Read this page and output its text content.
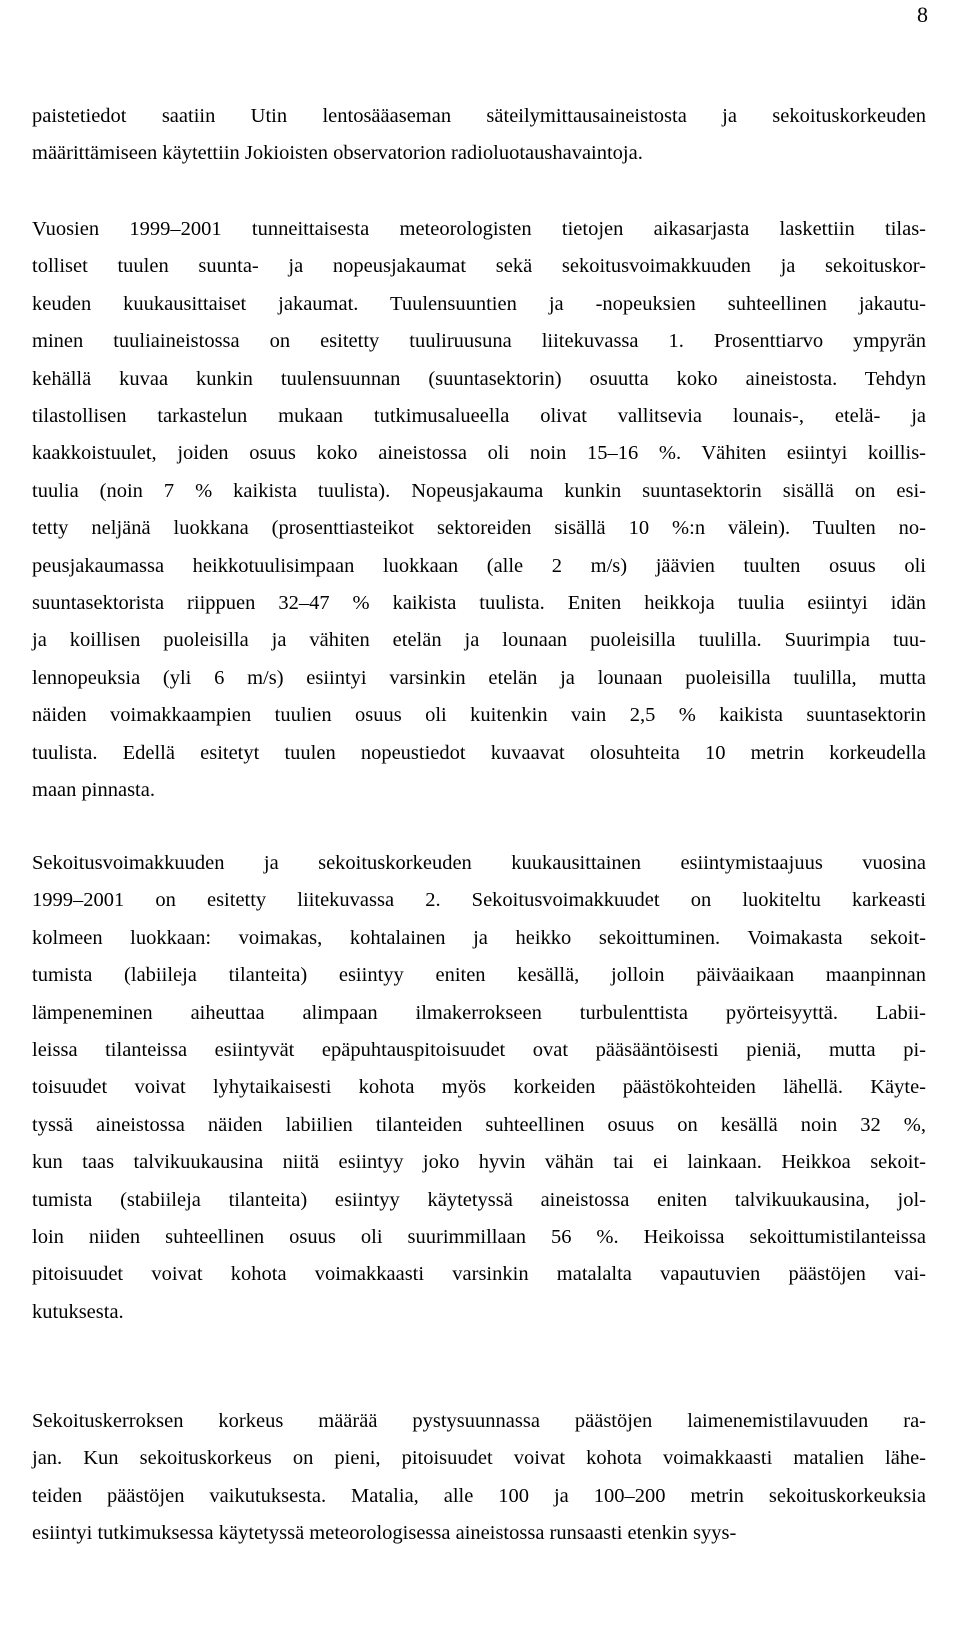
8
paistetiedot saatiin Utin lentosääaseman säteilymittausaineistosta ja sekoituskorkeuden
määrittämiseen käytettiin Jokioisten observatorion radioluotaushavaintoja.
Vuosien 1999–2001 tunneittaisesta meteorologisten tietojen aikasarjasta laskettiin tilas-
tolliset tuulen suunta- ja nopeusjakaumat sekä sekoitusvoimakkuuden ja sekoituskor-
keuden kuukausittaiset jakaumat. Tuulensuuntien ja -nopeuksien suhteellinen jakautu-
minen tuuliaineistossa on esitetty tuuliruusuna liitekuvassa 1. Prosenttiarvo ympyrän
kehällä kuvaa kunkin tuulensuunnan (suuntasektorin) osuutta koko aineistosta. Tehdyn
tilastollisen tarkastelun mukaan tutkimusalueella olivat vallitsevia lounais-, etelä- ja
kaakkoistuulet, joiden osuus koko aineistossa oli noin 15–16 %. Vähiten esiintyi koillis-
tuulia (noin 7 % kaikista tuulista). Nopeusjakauma kunkin suuntasektorin sisällä on esi-
tetty neljänä luokkana (prosenttiasteikot sektoreiden sisällä 10 %:n välein). Tuulten no-
peusjakaumassa heikkotuulisimpaan luokkaan (alle 2 m/s) jäävien tuulten osuus oli
suuntasektorista riippuen 32–47 % kaikista tuulista. Eniten heikkoja tuulia esiintyi idän
ja koillisen puoleisilla ja vähiten etelän ja lounaan puoleisilla tuulilla. Suurimpia tuu-
lennopeuksia (yli 6 m/s) esiintyi varsinkin etelän ja lounaan puoleisilla tuulilla, mutta
näiden voimakkaampien tuulien osuus oli kuitenkin vain 2,5 % kaikista suuntasektorin
tuulista. Edellä esitetyt tuulen nopeustiedot kuvaavat olosuhteita 10 metrin korkeudella
maan pinnasta.
Sekoitusvoimakkuuden ja sekoituskorkeuden kuukausittainen esiintymistaajuus vuosina
1999–2001 on esitetty liitekuvassa 2. Sekoitusvoimakkuudet on luokiteltu karkeasti
kolmeen luokkaan: voimakas, kohtalainen ja heikko sekoittuminen. Voimakasta sekoit-
tumista (labiileja tilanteita) esiintyy eniten kesällä, jolloin päiväaikaan maanpinnan
lämpeneminen aiheuttaa alimpaan ilmakerrokseen turbulenttista pyörteisyyttä. Labii-
leissa tilanteissa esiintyvät epäpuhtauspitoisuudet ovat pääsääntöisesti pieniä, mutta pi-
toisuudet voivat lyhytaikaisesti kohota myös korkeiden päästökohteiden lähellä. Käyte-
tyssä aineistossa näiden labiilien tilanteiden suhteellinen osuus on kesällä noin 32 %,
kun taas talvikuukausina niitä esiintyy joko hyvin vähän tai ei lainkaan. Heikkoa sekoit-
tumista (stabiileja tilanteita) esiintyy käytetyssä aineistossa eniten talvikuukausina, jol-
loin niiden suhteellinen osuus oli suurimmillaan 56 %. Heikoissa sekoittumistilanteissa
pitoisuudet voivat kohota voimakkaasti varsinkin matalalta vapautuvien päästöjen vai-
kutuksesta.
Sekoituskerroksen korkeus määrää pystysuunnassa päästöjen laimenemistilavuuden ra-
jan. Kun sekoituskorkeus on pieni, pitoisuudet voivat kohota voimakkaasti matalien lähe-
teiden päästöjen vaikutuksesta. Matalia, alle 100 ja 100–200 metrin sekoituskorkeuksia
esiintyi tutkimuksessa käytetyssä meteorologisessa aineistossa runsaasti etenkin syys-
